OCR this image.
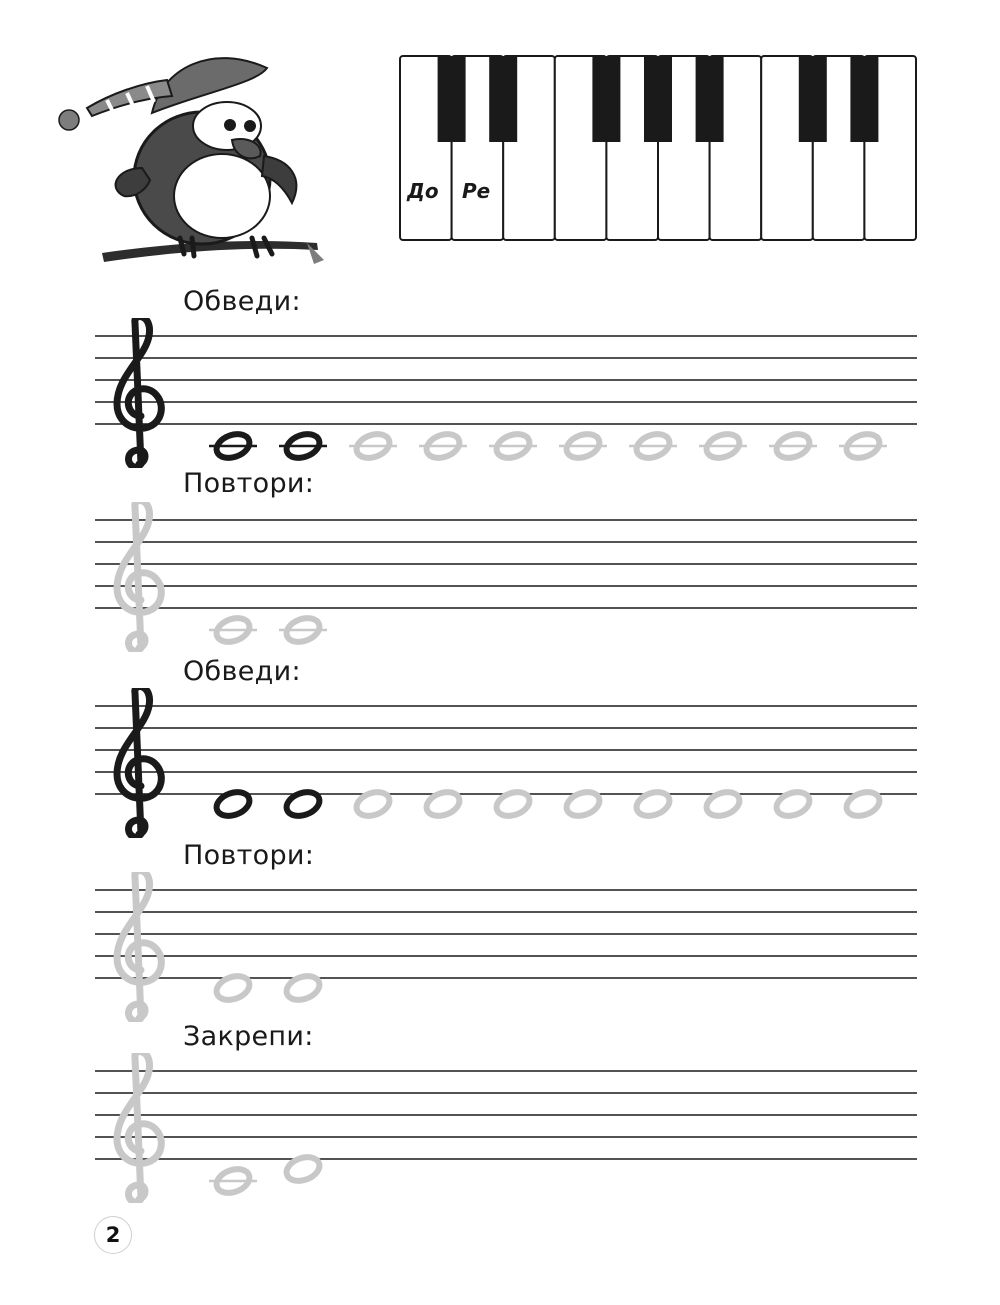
До Ре
Обведи:
Повтори:
Обведи:
Повтори:
Закрепи:
2
